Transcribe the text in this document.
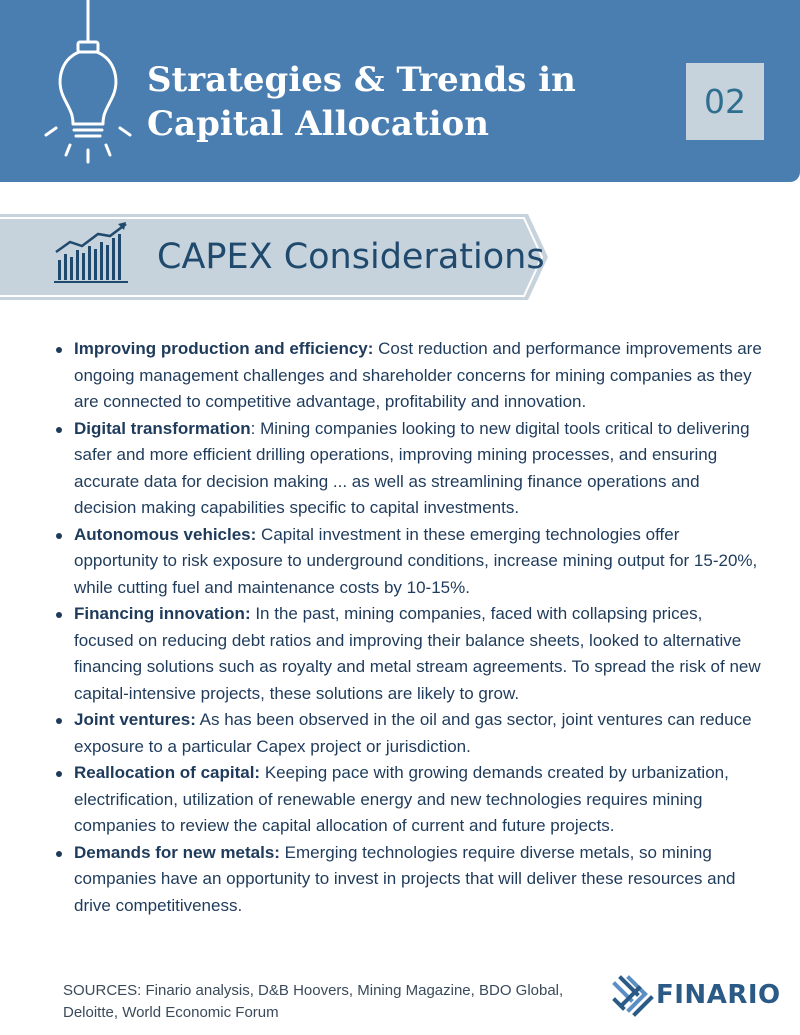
Strategies & Trends in
Capital Allocation
02
CAPEX Considerations
Improving production and efficiency: Cost reduction and performance improvements are ongoing management challenges and shareholder concerns for mining companies as they are connected to competitive advantage, profitability and innovation.
Digital transformation: Mining companies looking to new digital tools critical to delivering safer and more efficient drilling operations, improving mining processes, and ensuring accurate data for decision making ... as well as streamlining finance operations and decision making capabilities specific to capital investments.
Autonomous vehicles: Capital investment in these emerging technologies offer opportunity to risk exposure to underground conditions, increase mining output for 15-20%, while cutting fuel and maintenance costs by 10-15%.
Financing innovation: In the past, mining companies, faced with collapsing prices, focused on reducing debt ratios and improving their balance sheets, looked to alternative financing solutions such as royalty and metal stream agreements. To spread the risk of new capital-intensive projects, these solutions are likely to grow.
Joint ventures: As has been observed in the oil and gas sector, joint ventures can reduce exposure to a particular Capex project or jurisdiction.
Reallocation of capital: Keeping pace with growing demands created by urbanization, electrification, utilization of renewable energy and new technologies requires mining companies to review the capital allocation of current and future projects.
Demands for new metals: Emerging technologies require diverse metals, so mining companies have an opportunity to invest in projects that will deliver these resources and drive competitiveness.
SOURCES: Finario analysis, D&B Hoovers, Mining Magazine, BDO Global, Deloitte, World Economic Forum
FINARIO
